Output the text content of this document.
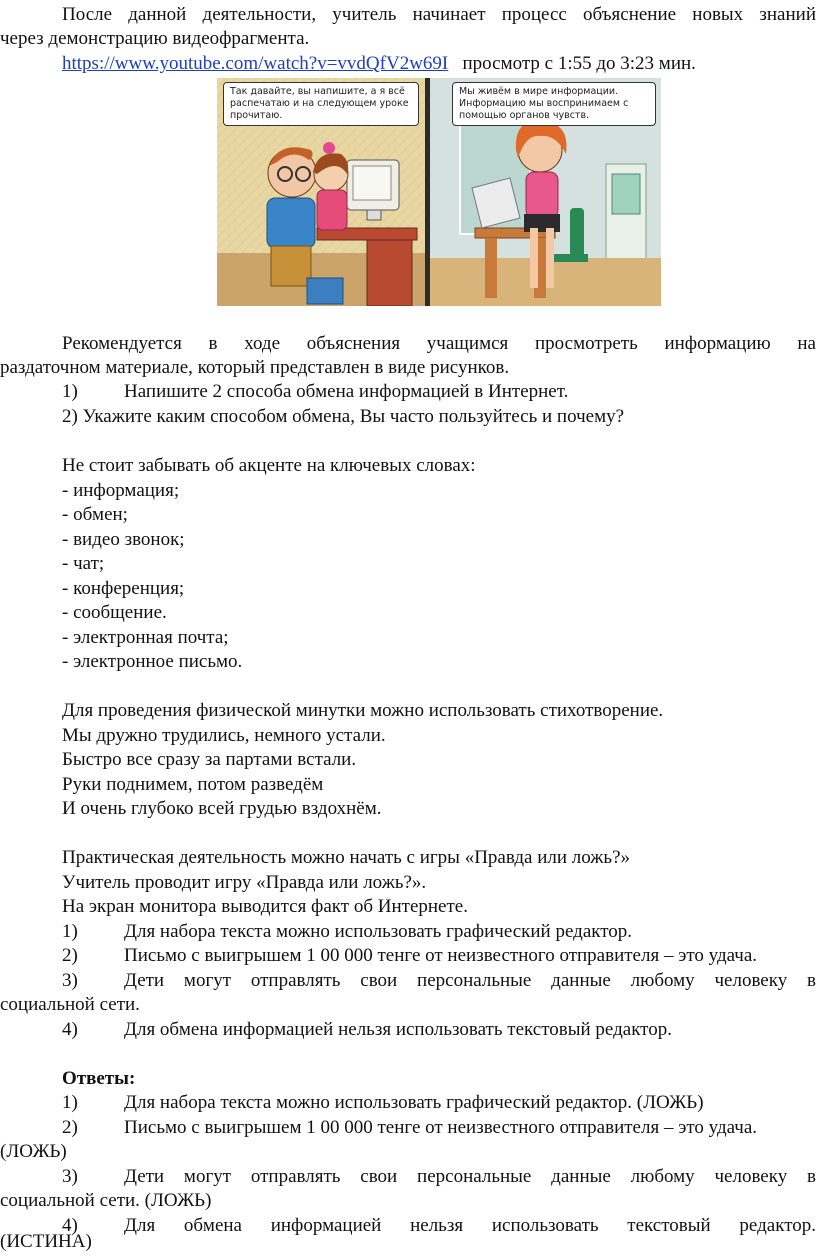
После данной деятельности, учитель начинает процесс объяснение новых знаний
через демонстрацию видеофрагмента.
https://www.youtube.com/watch?v=vvdQfV2w69I просмотр с 1:55 до 3:23 мин.
Так давайте, вы напишите, а я всё
распечатаю и на следующем уроке
прочитаю.
Мы живём в мире информации.
Информацию мы воспринимаем с
помощью органов чувств.
Рекомендуется в ходе объяснения учащимся просмотреть информацию на
раздаточном материале, который представлен в виде рисунков.
1) Напишите 2 способа обмена информацией в Интернет.
2) Укажите каким способом обмена, Вы часто пользуйтесь и почему?
Не стоит забывать об акценте на ключевых словах:
- информация;
- обмен;
- видео звонок;
- чат;
- конференция;
- сообщение.
- электронная почта;
- электронное письмо.
Для проведения физической минутки можно использовать стихотворение.
Мы дружно трудились, немного устали.
Быстро все сразу за партами встали.
Руки поднимем, потом разведём
И очень глубоко всей грудью вздохнём.
Практическая деятельность можно начать с игры «Правда или ложь?»
Учитель проводит игру «Правда или ложь?».
На экран монитора выводится факт об Интернете.
1) Для набора текста можно использовать графический редактор.
2) Письмо с выигрышем 1 00 000 тенге от неизвестного отправителя – это удача.
3) Дети могут отправлять свои персональные данные любому человеку в
социальной сети.
4) Для обмена информацией нельзя использовать текстовый редактор.
Ответы:
1) Для набора текста можно использовать графический редактор. (ЛОЖЬ)
2) Письмо с выигрышем 1 00 000 тенге от неизвестного отправителя – это удача.
(ЛОЖЬ)
3) Дети могут отправлять свои персональные данные любому человеку в
социальной сети. (ЛОЖЬ)
4) Для обмена информацией нельзя использовать текстовый редактор.
(ИСТИНА)
